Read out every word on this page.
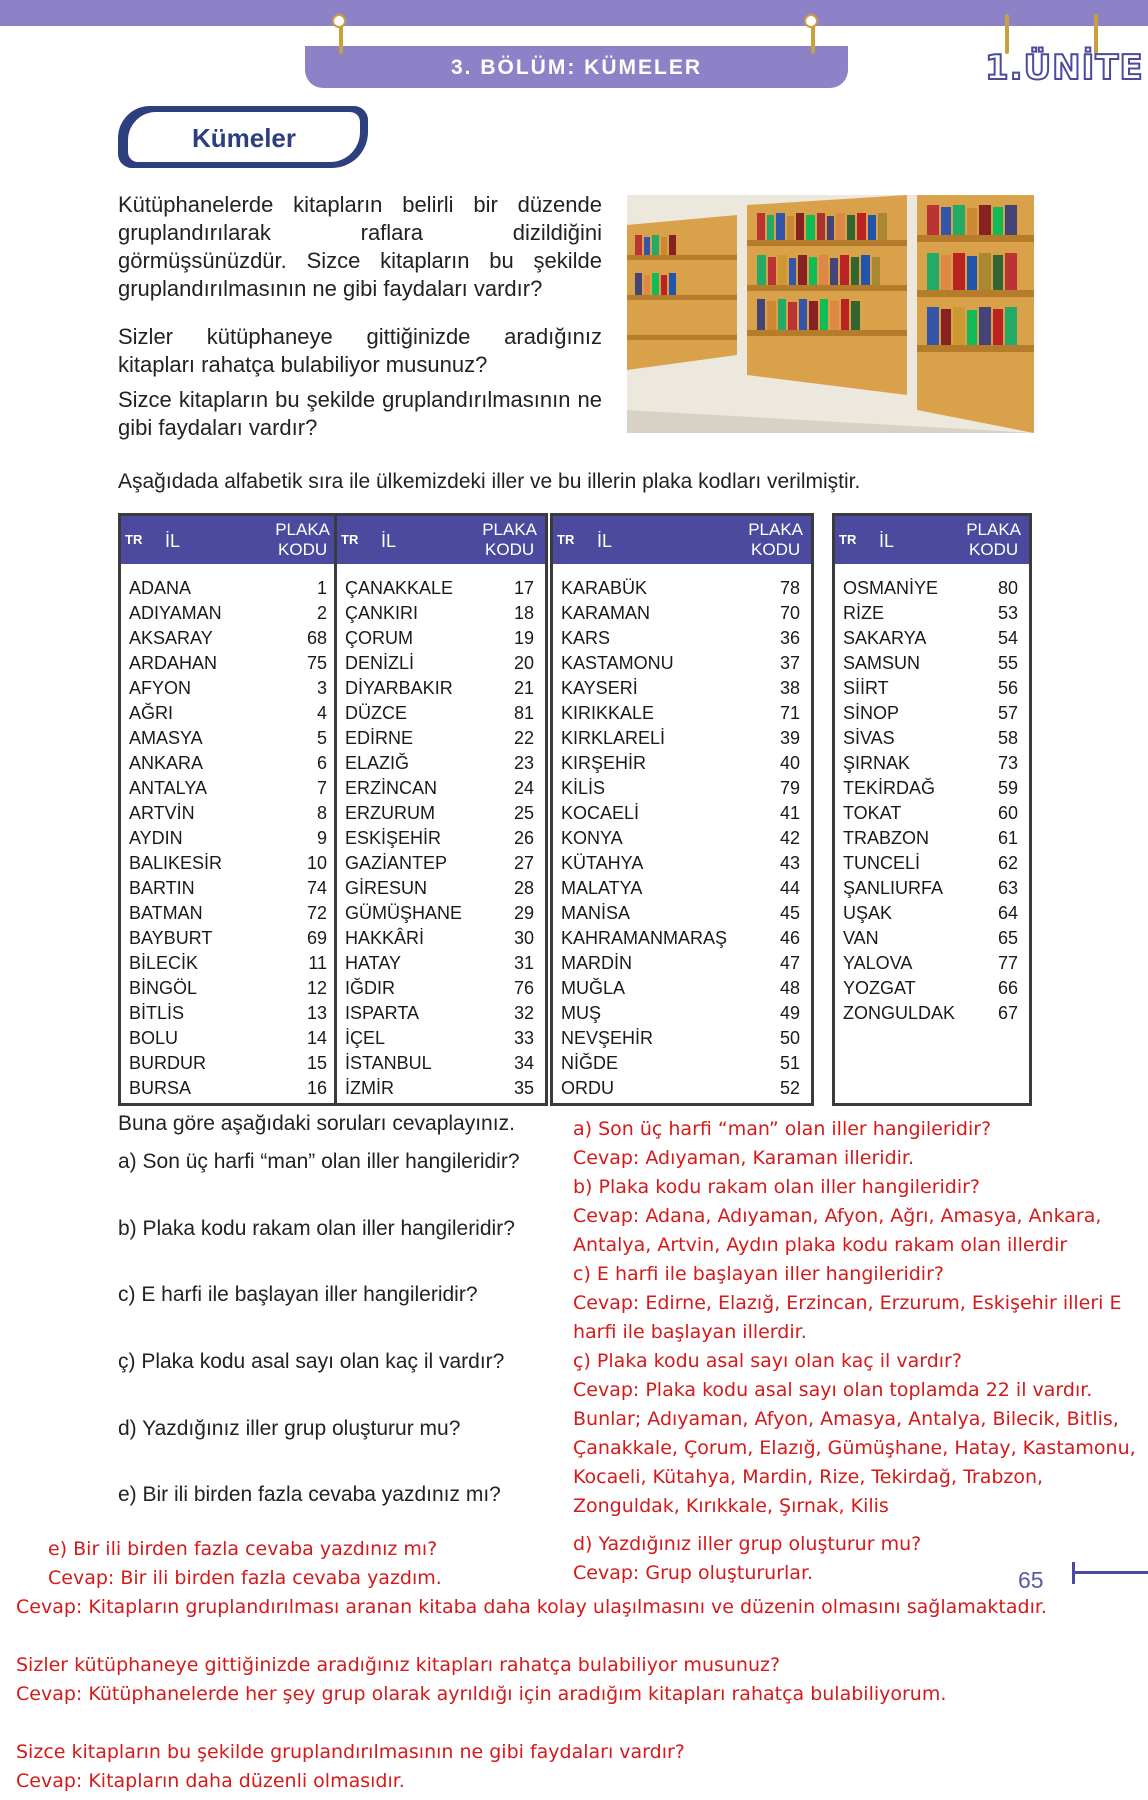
3. BÖLÜM: KÜMELER	1.ÜNİTE
Kümeler
Kütüphanelerde kitapların belirli bir düzende gruplandırılarak raflara dizildiğini görmüşsünüzdür. Sizce kitapların bu şekilde gruplandırılmasının ne gibi faydaları vardır?
Sizler kütüphaneye gittiğinizde aradığınız kitapları rahatça bulabiliyor musunuz?
Sizce kitapların bu şekilde gruplandırılmasının ne gibi faydaları vardır?
Aşağıdada alfabetik sıra ile ülkemizdeki iller ve bu illerin plaka kodları verilmiştir.
TR İL
PLAKA
KODU
ADANA	1
ADIYAMAN	2
AKSARAY	68
ARDAHAN	75
AFYON	3
AĞRI	4
AMASYA	5
ANKARA	6
ANTALYA	7
ARTVİN	8
AYDIN	9
BALIKESİR	10
BARTIN	74
BATMAN	72
BAYBURT	69
BİLECİK	11
BİNGÖL	12
BİTLİS	13
BOLU	14
BURDUR	15
BURSA	16
TR İL
PLAKA
KODU
ÇANAKKALE	17
ÇANKIRI	18
ÇORUM	19
DENİZLİ	20
DİYARBAKIR	21
DÜZCE	81
EDİRNE	22
ELAZIĞ	23
ERZİNCAN	24
ERZURUM	25
ESKİŞEHİR	26
GAZİANTEP	27
GİRESUN	28
GÜMÜŞHANE	29
HAKKÂRİ	30
HATAY	31
IĞDIR	76
ISPARTA	32
İÇEL	33
İSTANBUL	34
İZMİR	35
TR İL
PLAKA
KODU
KARABÜK	78
KARAMAN	70
KARS	36
KASTAMONU	37
KAYSERİ	38
KIRIKKALE	71
KIRKLARELİ	39
KIRŞEHİR	40
KİLİS	79
KOCAELİ	41
KONYA	42
KÜTAHYA	43
MALATYA	44
MANİSA	45
KAHRAMANMARAŞ	46
MARDİN	47
MUĞLA	48
MUŞ	49
NEVŞEHİR	50
NİĞDE	51
ORDU	52
TR İL
PLAKA
KODU
OSMANİYE	80
RİZE	53
SAKARYA	54
SAMSUN	55
SİİRT	56
SİNOP	57
SİVAS	58
ŞIRNAK	73
TEKİRDAĞ	59
TOKAT	60
TRABZON	61
TUNCELİ	62
ŞANLIURFA	63
UŞAK	64
VAN	65
YALOVA	77
YOZGAT	66
ZONGULDAK 67
Buna göre aşağıdaki soruları cevaplayınız.
a) Son üç harfi “man” olan iller hangileridir?
b) Plaka kodu rakam olan iller hangileridir?
c) E harfi ile başlayan iller hangileridir?
ç) Plaka kodu asal sayı olan kaç il vardır?
d) Yazdığınız iller grup oluşturur mu?
e) Bir ili birden fazla cevaba yazdınız mı?
a) Son üç harfi “man” olan iller hangileridir?
Cevap: Adıyaman, Karaman illeridir.
b) Plaka kodu rakam olan iller hangileridir?
Cevap: Adana, Adıyaman, Afyon, Ağrı, Amasya, Ankara,
Antalya, Artvin, Aydın plaka kodu rakam olan illerdir
c) E harfi ile başlayan iller hangileridir?
Cevap: Edirne, Elazığ, Erzincan, Erzurum, Eskişehir illeri E
harfi ile başlayan illerdir.
ç) Plaka kodu asal sayı olan kaç il vardır?
Cevap: Plaka kodu asal sayı olan toplamda 22 il vardır.
Bunlar; Adıyaman, Afyon, Amasya, Antalya, Bilecik, Bitlis,
Çanakkale, Çorum, Elazığ, Gümüşhane, Hatay, Kastamonu,
Kocaeli, Kütahya, Mardin, Rize, Tekirdağ, Trabzon,
Zonguldak, Kırıkkale, Şırnak, Kilis
d) Yazdığınız iller grup oluşturur mu?
Cevap: Grup oluştururlar.
e) Bir ili birden fazla cevaba yazdınız mı?
Cevap: Bir ili birden fazla cevaba yazdım.	65
Cevap: Kitapların gruplandırılması aranan kitaba daha kolay ulaşılmasını ve düzenin olmasını sağlamaktadır.
Sizler kütüphaneye gittiğinizde aradığınız kitapları rahatça bulabiliyor musunuz?
Cevap: Kütüphanelerde her şey grup olarak ayrıldığı için aradığım kitapları rahatça bulabiliyorum.
Sizce kitapların bu şekilde gruplandırılmasının ne gibi faydaları vardır?
Cevap: Kitapların daha düzenli olmasıdır.
